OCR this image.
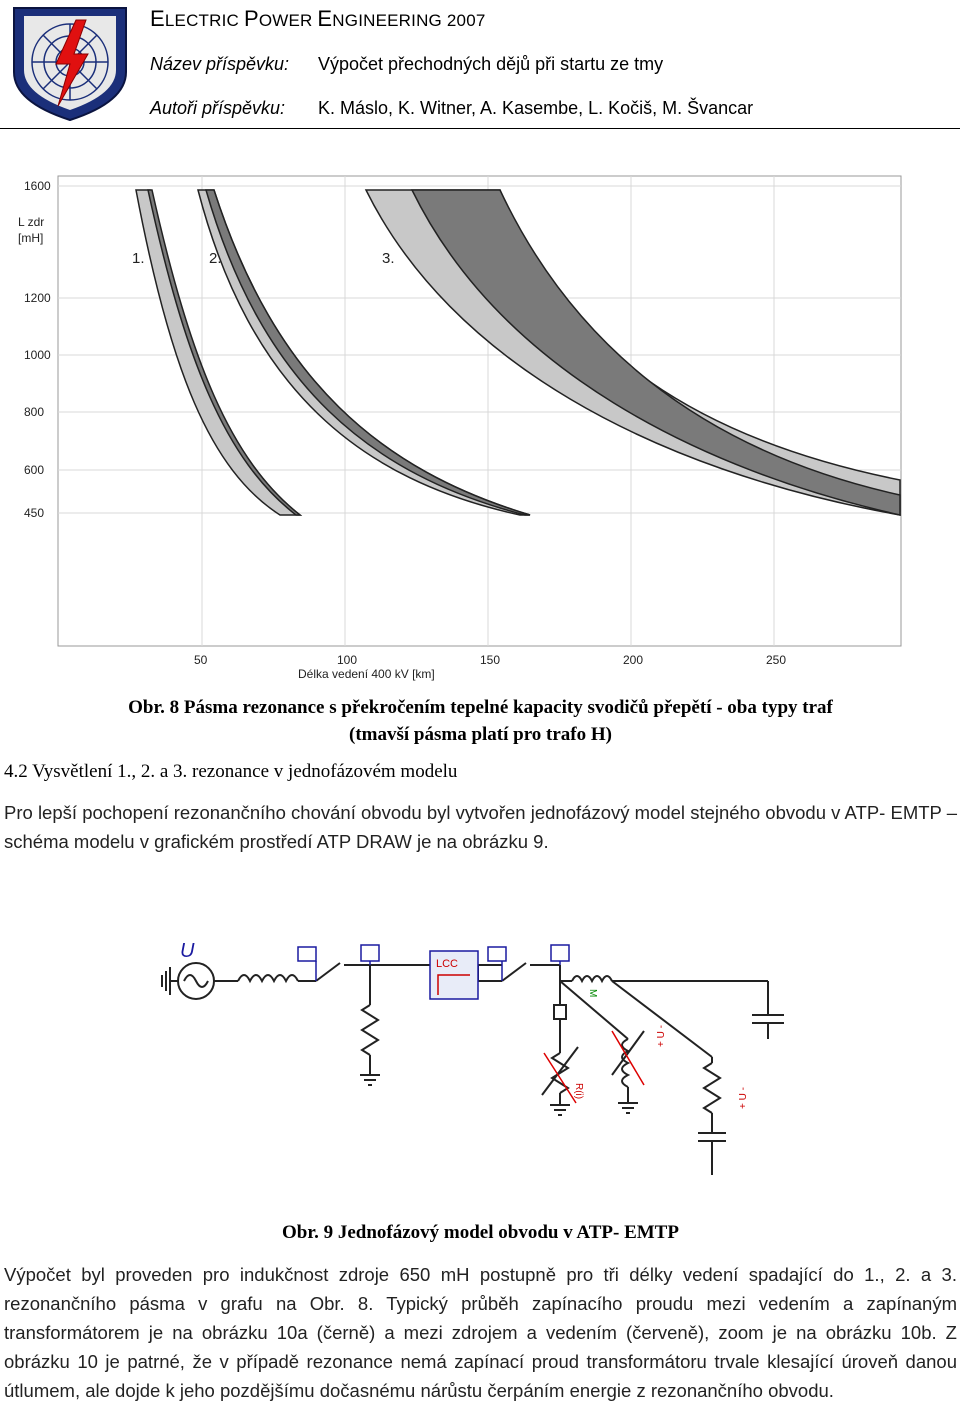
ELECTRIC POWER ENGINEERING 2007
Název příspěvku: Výpočet přechodných dějů při startu ze tmy
Autoři příspěvku: K. Máslo, K. Witner, A. Kasembe, L. Kočiš, M. Švancar
1600
1200
1000
800
600
450
50	100	150	200	250
L zdr
[mH]
1.	2.	3.
Délka vedení 400 kV [km]
Obr. 8 Pásma rezonance s překročením tepelné kapacity svodičů přepětí - oba typy traf
(tmavší pásma platí pro trafo H)
4.2 Vysvětlení 1., 2. a 3. rezonance v jednofázovém modelu
Pro lepší pochopení rezonančního chování obvodu byl vytvořen jednofázový model stejného obvodu v ATP- EMTP – schéma modelu v grafickém prostředí ATP DRAW je na obrázku 9.
LCC
U
M
+ U -
+ U -
R(i)
Obr. 9 Jednofázový model obvodu v ATP- EMTP
Výpočet byl proveden pro indukčnost zdroje 650 mH postupně pro tři délky vedení spadající do 1., 2. a 3. rezonančního pásma v grafu na Obr. 8. Typický průběh zapínacího proudu mezi vedením a zapínaným transformátorem je na obrázku 10a (černě) a mezi zdrojem a vedením (červeně), zoom je na obrázku 10b. Z obrázku 10 je patrné, že v případě rezonance nemá zapínací proud transformátoru trvale klesající úroveň danou útlumem, ale dojde k jeho pozdějšímu dočasnému nárůstu čerpáním energie z rezonančního obvodu.
